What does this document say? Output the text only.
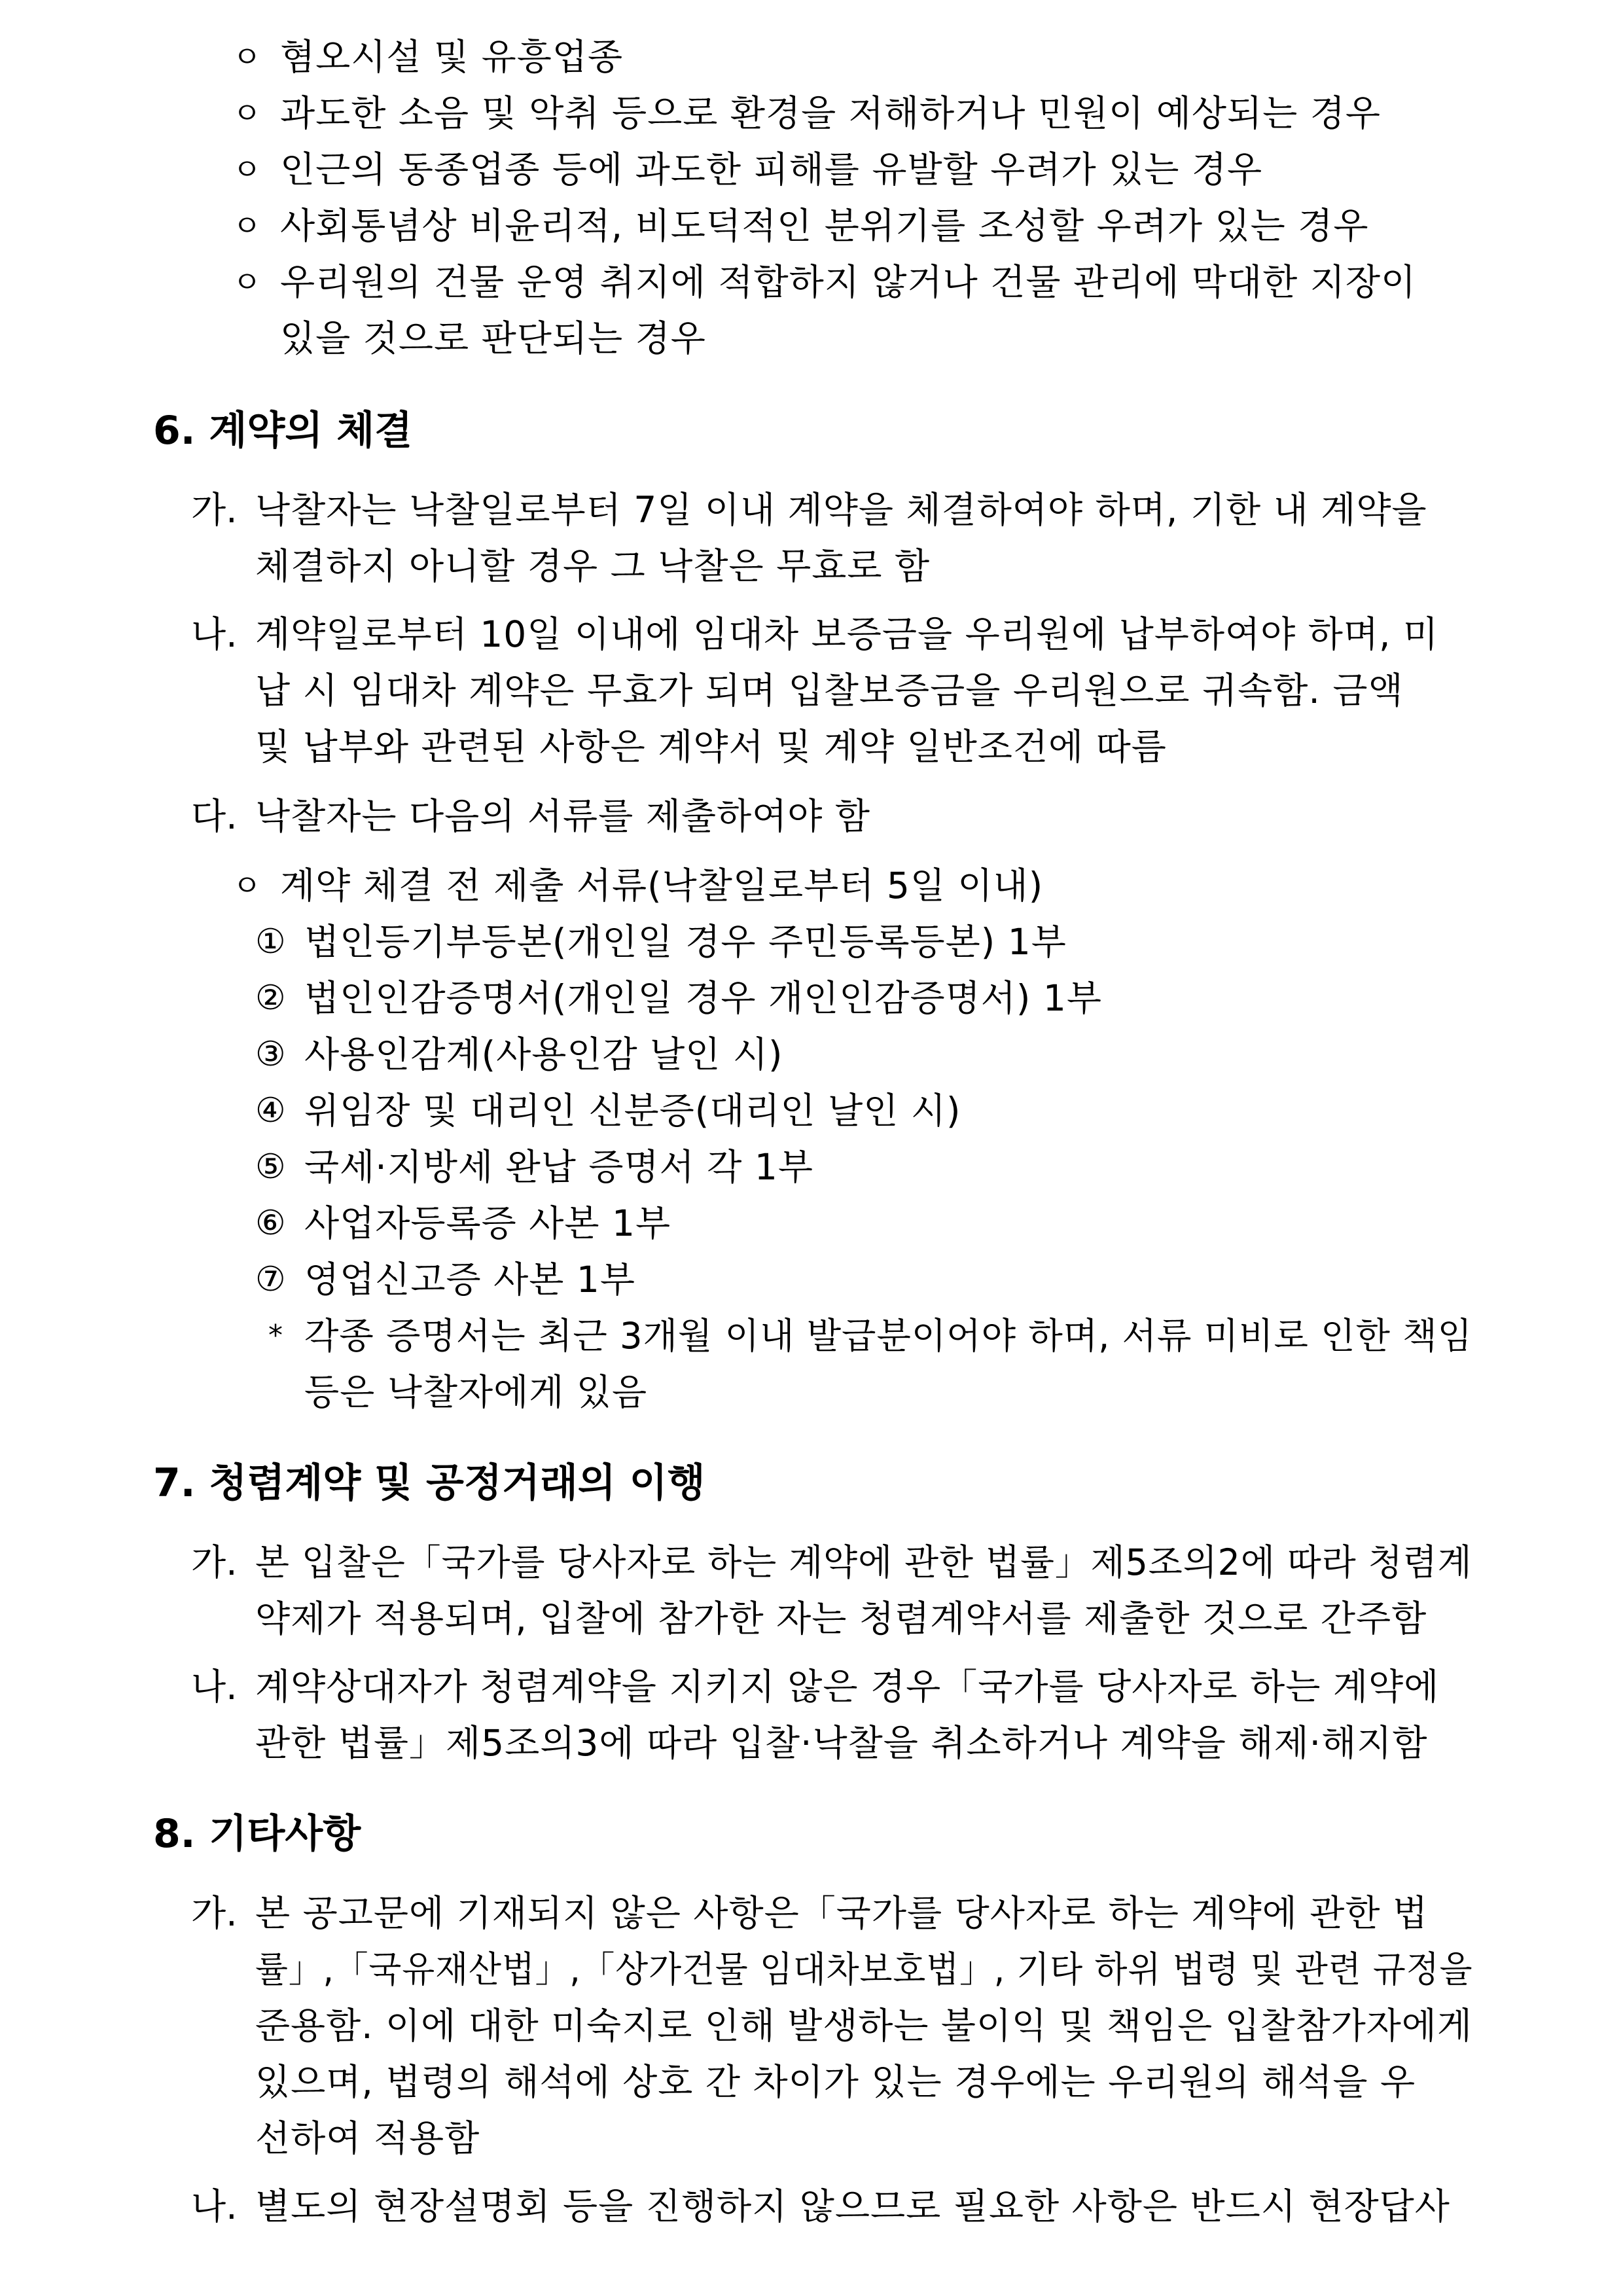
ㅇ 혐오시설 및 유흥업종
ㅇ 과도한 소음 및 악취 등으로 환경을 저해하거나 민원이 예상되는 경우
ㅇ 인근의 동종업종 등에 과도한 피해를 유발할 우려가 있는 경우
ㅇ 사회통념상 비윤리적, 비도덕적인 분위기를 조성할 우려가 있는 경우
ㅇ 우리원의 건물 운영 취지에 적합하지 않거나 건물 관리에 막대한 지장이
있을 것으로 판단되는 경우
6. 계약의 체결
가. 낙찰자는 낙찰일로부터 7일 이내 계약을 체결하여야 하며, 기한 내 계약을
체결하지 아니할 경우 그 낙찰은 무효로 함
나. 계약일로부터 10일 이내에 임대차 보증금을 우리원에 납부하여야 하며, 미
납 시 임대차 계약은 무효가 되며 입찰보증금을 우리원으로 귀속함. 금액
및 납부와 관련된 사항은 계약서 및 계약 일반조건에 따름
다. 낙찰자는 다음의 서류를 제출하여야 함
ㅇ 계약 체결 전 제출 서류(낙찰일로부터 5일 이내)
① 법인등기부등본(개인일 경우 주민등록등본) 1부
② 법인인감증명서(개인일 경우 개인인감증명서) 1부
③ 사용인감계(사용인감 날인 시)
④ 위임장 및 대리인 신분증(대리인 날인 시)
⑤ 국세·지방세 완납 증명서 각 1부
⑥ 사업자등록증 사본 1부
⑦ 영업신고증 사본 1부
* 각종 증명서는 최근 3개월 이내 발급분이어야 하며, 서류 미비로 인한 책임
등은 낙찰자에게 있음
7. 청렴계약 및 공정거래의 이행
가. 본 입찰은「국가를 당사자로 하는 계약에 관한 법률」제5조의2에 따라 청렴계
약제가 적용되며, 입찰에 참가한 자는 청렴계약서를 제출한 것으로 간주함
나. 계약상대자가 청렴계약을 지키지 않은 경우「국가를 당사자로 하는 계약에
관한 법률」제5조의3에 따라 입찰·낙찰을 취소하거나 계약을 해제·해지함
8. 기타사항
가. 본 공고문에 기재되지 않은 사항은「국가를 당사자로 하는 계약에 관한 법
률」,「국유재산법」,「상가건물 임대차보호법」, 기타 하위 법령 및 관련 규정을
준용함. 이에 대한 미숙지로 인해 발생하는 불이익 및 책임은 입찰참가자에게
있으며, 법령의 해석에 상호 간 차이가 있는 경우에는 우리원의 해석을 우
선하여 적용함
나. 별도의 현장설명회 등을 진행하지 않으므로 필요한 사항은 반드시 현장답사
